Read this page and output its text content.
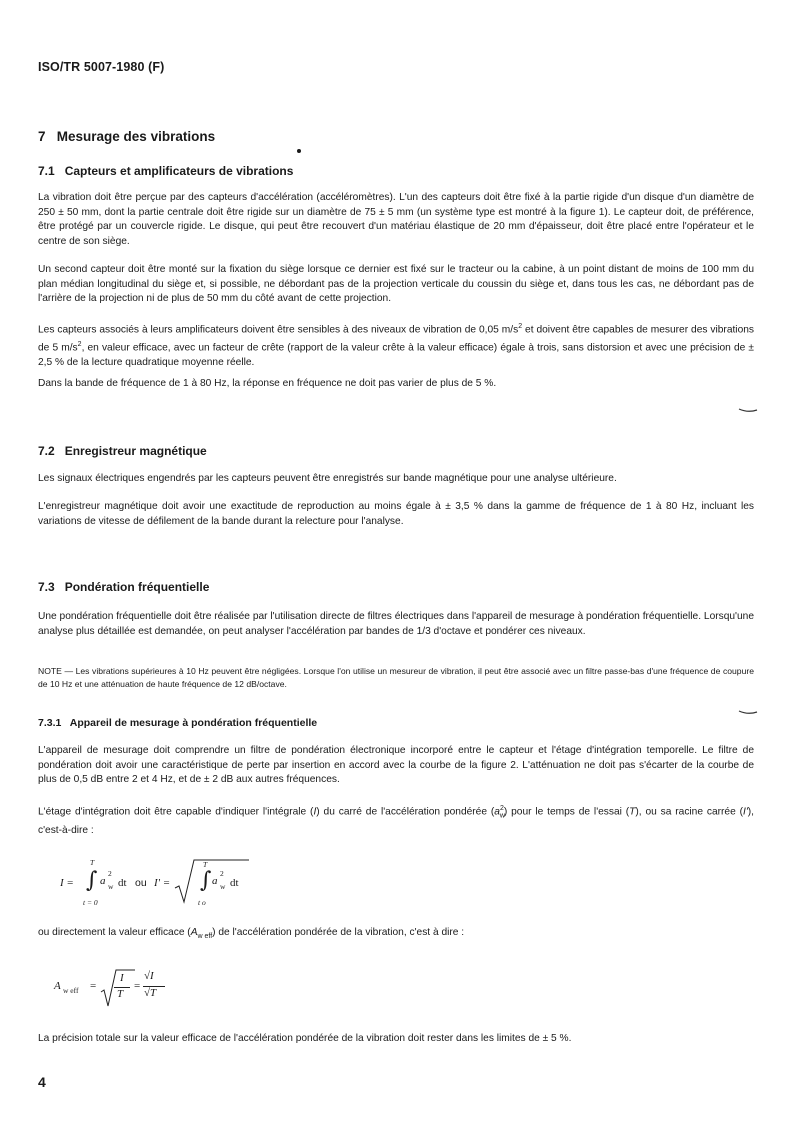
ISO/TR 5007-1980 (F)
7 Mesurage des vibrations
7.1 Capteurs et amplificateurs de vibrations
La vibration doit être perçue par des capteurs d'accélération (accéléromètres). L'un des capteurs doit être fixé à la partie rigide d'un disque d'un diamètre de 250 ± 50 mm, dont la partie centrale doit être rigide sur un diamètre de 75 ± 5 mm (un système type est montré à la figure 1). Le capteur doit, de préférence, être protégé par un couvercle rigide. Le disque, qui peut être recouvert d'un matériau élastique de 20 mm d'épaisseur, doit être placé entre l'opérateur et le centre de son siège.
Un second capteur doit être monté sur la fixation du siège lorsque ce dernier est fixé sur le tracteur ou la cabine, à un point distant de moins de 100 mm du plan médian longitudinal du siège et, si possible, ne débordant pas de la projection verticale du coussin du siège et, dans tous les cas, ne débordant pas de l'arrière de la projection ni de plus de 50 mm du côté avant de cette projection.
Les capteurs associés à leurs amplificateurs doivent être sensibles à des niveaux de vibration de 0,05 $m/s^2$ et doivent être capables de mesurer des vibrations de 5 $m/s^2$, en valeur efficace, avec un facteur de crête (rapport de la valeur crête à la valeur efficace) égale à trois, sans distorsion et avec une précision de ± 2,5 % de la lecture quadratique moyenne réelle.
Dans la bande de fréquence de 1 à 80 Hz, la réponse en fréquence ne doit pas varier de plus de 5 %.
7.2 Enregistreur magnétique
Les signaux électriques engendrés par les capteurs peuvent être enregistrés sur bande magnétique pour une analyse ultérieure.
L'enregistreur magnétique doit avoir une exactitude de reproduction au moins égale à ± 3,5 % dans la gamme de fréquence de 1 à 80 Hz, incluant les variations de vitesse de défilement de la bande durant la relecture pour l'analyse.
7.3 Pondération fréquentielle
Une pondération fréquentielle doit être réalisée par l'utilisation directe de filtres électriques dans l'appareil de mesurage à pondération fréquentielle. Lorsqu'une analyse plus détaillée est demandée, on peut analyser l'accélération par bandes de 1/3 d'octave et pondérer ces niveaux.
NOTE — Les vibrations supérieures à 10 Hz peuvent être négligées. Lorsque l'on utilise un mesureur de vibration, il peut être associé avec un filtre passe-bas d'une fréquence de coupure de 10 Hz et une atténuation de haute fréquence de 12 dB/octave.
7.3.1 Appareil de mesurage à pondération fréquentielle
L'appareil de mesurage doit comprendre un filtre de pondération électronique incorporé entre le capteur et l'étage d'intégration temporelle. Le filtre de pondération doit avoir une caractéristique de perte par insertion en accord avec la courbe de la figure 2. L'atténuation ne doit pas s'écarter de la courbe de plus de 0,5 dB entre 2 et 4 Hz, et de ± 2 dB aux autres fréquences.
L'étage d'intégration doit être capable d'indiquer l'intégrale (I) du carré de l'accélération pondérée $(a_w^2)$ pour le temps de l'essai (T), ou sa racine carrée (I'), c'est-à-dire :
I =
T
∫
t = 0
a w
2
dt ou I' =
T
∫
t o
a w
2
dt
ou directement la valeur efficace $(A_{w eff})$ de l'accélération pondérée de la vibration, c'est à dire :
A w eff =
I
T
=
√I
√T
La précision totale sur la valeur efficace de l'accélération pondérée de la vibration doit rester dans les limites de ± 5 %.
4
